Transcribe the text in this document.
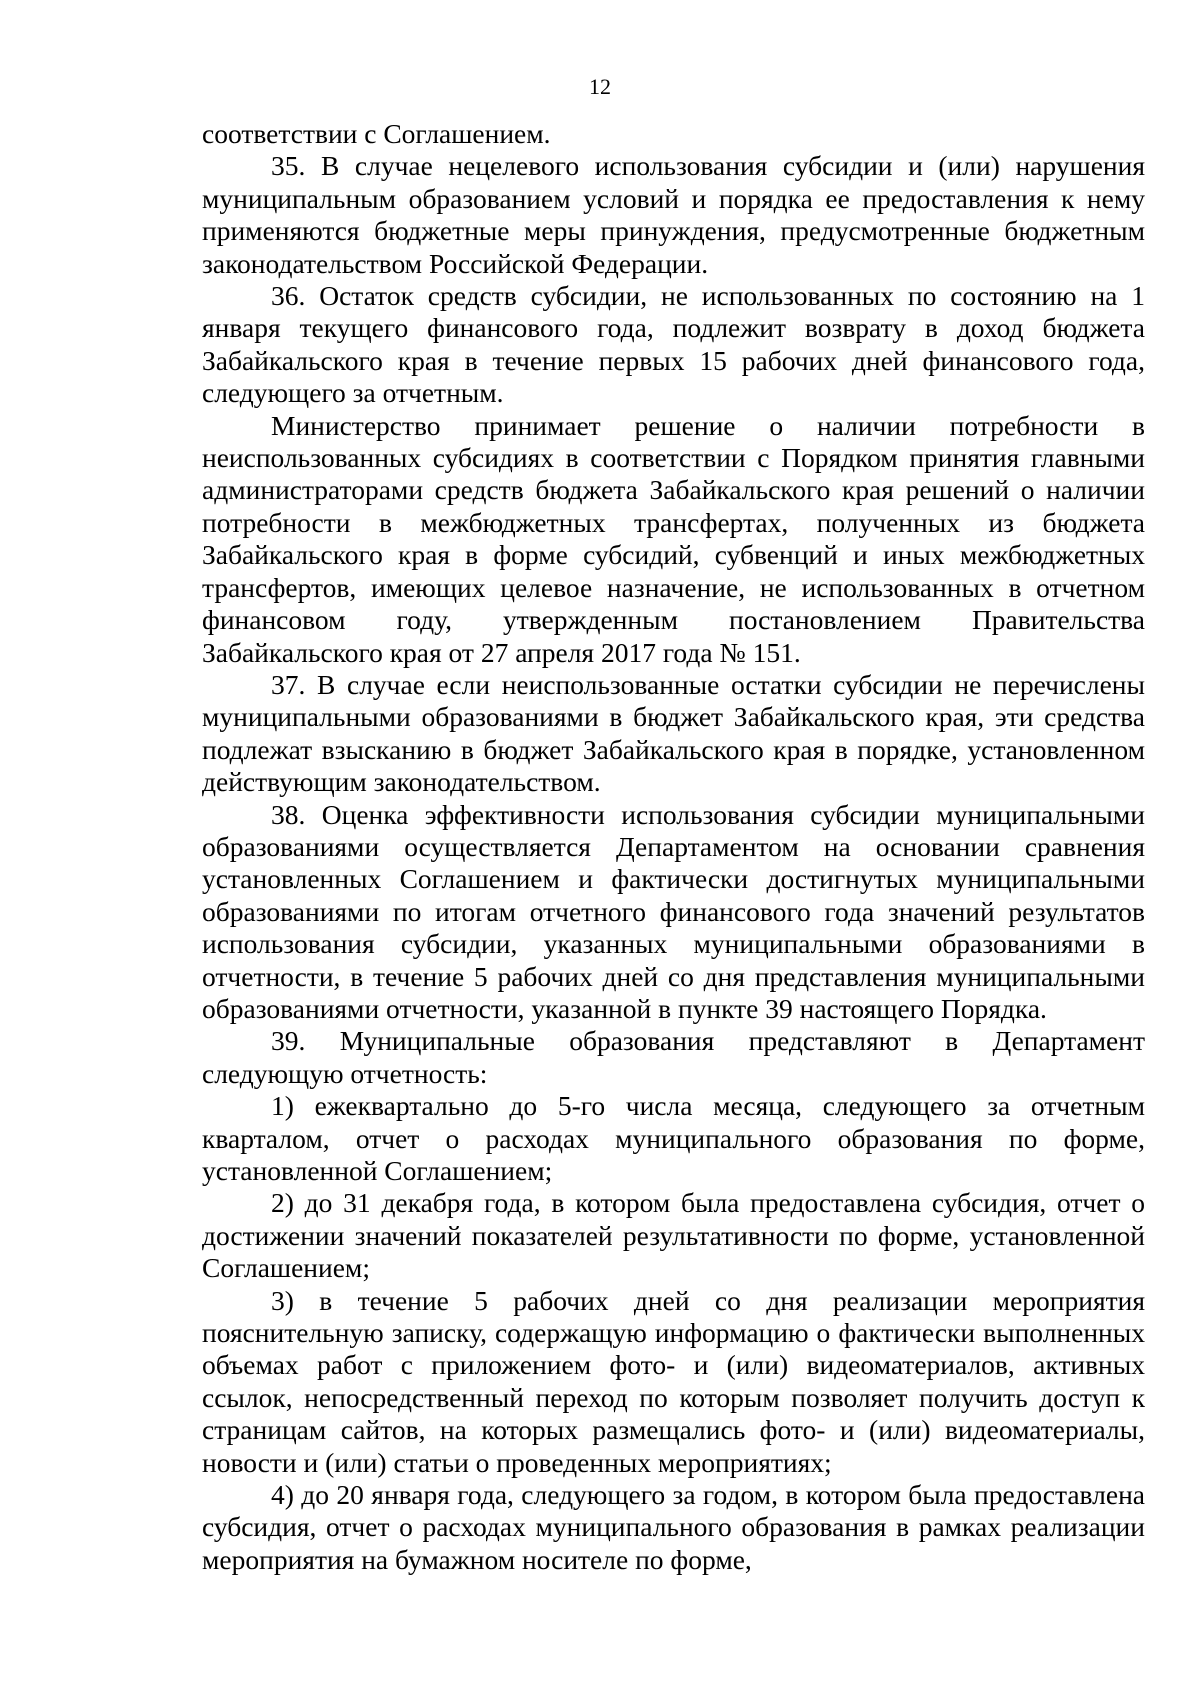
12

соответствии с Соглашением.

35. В случае нецелевого использования субсидии и (или) нарушения муниципальным образованием условий и порядка ее предоставления к нему применяются бюджетные меры принуждения, предусмотренные бюджетным законодательством Российской Федерации.

36. Остаток средств субсидии, не использованных по состоянию на 1 января текущего финансового года, подлежит возврату в доход бюджета Забайкальского края в течение первых 15 рабочих дней финансового года, следующего за отчетным.

Министерство принимает решение о наличии потребности в неиспользованных субсидиях в соответствии с Порядком принятия главными администраторами средств бюджета Забайкальского края решений о наличии потребности в межбюджетных трансфертах, полученных из бюджета Забайкальского края в форме субсидий, субвенций и иных межбюджетных трансфертов, имеющих целевое назначение, не использованных в отчетном финансовом году, утвержденным постановлением Правительства Забайкальского края от 27 апреля 2017 года № 151.

37. В случае если неиспользованные остатки субсидии не перечислены муниципальными образованиями в бюджет Забайкальского края, эти средства подлежат взысканию в бюджет Забайкальского края в порядке, установленном действующим законодательством.

38. Оценка эффективности использования субсидии муниципальными образованиями осуществляется Департаментом на основании сравнения установленных Соглашением и фактически достигнутых муниципальными образованиями по итогам отчетного финансового года значений результатов использования субсидии, указанных муниципальными образованиями в отчетности, в течение 5 рабочих дней со дня представления муниципальными образованиями отчетности, указанной в пункте 39 настоящего Порядка.

39. Муниципальные образования представляют в Департамент следующую отчетность:

1) ежеквартально до 5-го числа месяца, следующего за отчетным кварталом, отчет о расходах муниципального образования по форме, установленной Соглашением;

2) до 31 декабря года, в котором была предоставлена субсидия, отчет о достижении значений показателей результативности по форме, установленной Соглашением;

3) в течение 5 рабочих дней со дня реализации мероприятия пояснительную записку, содержащую информацию о фактически выполненных объемах работ с приложением фото- и (или) видеоматериалов, активных ссылок, непосредственный переход по которым позволяет получить доступ к страницам сайтов, на которых размещались фото- и (или) видеоматериалы, новости и (или) статьи о проведенных мероприятиях;

4) до 20 января года, следующего за годом, в котором была предоставлена субсидия, отчет о расходах муниципального образования в рамках реализации мероприятия на бумажном носителе по форме,
